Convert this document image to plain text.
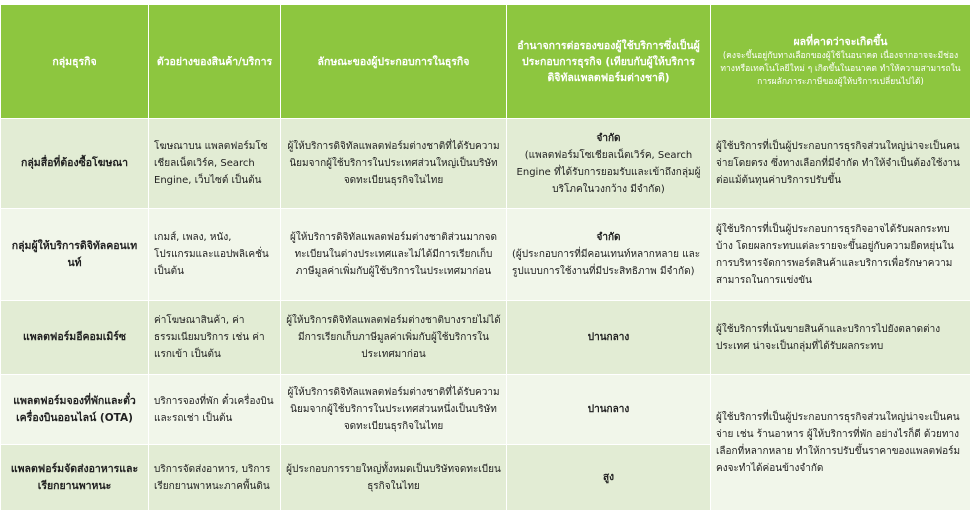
กลุ่มธุรกิจ	ตัวอย่างของสินค้า/บริการ	ลักษณะของผู้ประกอบการในธุรกิจ	อำนาจการต่อรองของผู้ใช้บริการซึ่งเป็นผู้ประกอบการธุรกิจ (เทียบกับผู้ให้บริการดิจิทัลแพลตฟอร์มต่างชาติ)	ผลที่คาดว่าจะเกิดขึ้น
(คงจะขึ้นอยู่กับทางเลือกของผู้ใช้ในอนาคต เนื่องจากอาจจะมีช่องทางหรือเทคโนโลยีใหม่ ๆ เกิดขึ้นในอนาคต ทำให้ความสามารถในการผลักภาระภาษีของผู้ให้บริการเปลี่ยนไปได้)

กลุ่มสื่อที่ต้องซื้อโฆษณา	โฆษณาบน แพลตฟอร์มโซเชียลเน็ตเวิร์ค, Search Engine, เว็บไซต์ เป็นต้น	ผู้ให้บริการดิจิทัลแพลตฟอร์มต่างชาติที่ได้รับความนิยมจากผู้ใช้บริการในประเทศส่วนใหญ่เป็นบริษัทจดทะเบียนธุรกิจในไทย	จำกัด
(แพลตฟอร์มโซเชียลเน็ตเวิร์ค, Search Engine ที่ได้รับการยอมรับและเข้าถึงกลุ่มผู้บริโภคในวงกว้าง มีจำกัด)	ผู้ใช้บริการที่เป็นผู้ประกอบการธุรกิจส่วนใหญ่น่าจะเป็นคนจ่ายโดยตรง ซึ่งทางเลือกที่มีจำกัด ทำให้จำเป็นต้องใช้งานต่อแม้ต้นทุนค่าบริการปรับขึ้น
กลุ่มผู้ให้บริการดิจิทัลคอนเทนท์	เกมส์, เพลง, หนัง, โปรแกรมและแอปพลิเคชั่น เป็นต้น	ผู้ให้บริการดิจิทัลแพลตฟอร์มต่างชาติส่วนมากจดทะเบียนในต่างประเทศและไม่ได้มีการเรียกเก็บภาษีมูลค่าเพิ่มกับผู้ใช้บริการในประเทศมาก่อน	จำกัด
(ผู้ประกอบการที่มีคอนเทนท์หลากหลาย และรูปแบบการใช้งานที่มีประสิทธิภาพ มีจำกัด)	ผู้ใช้บริการที่เป็นผู้ประกอบการธุรกิจอาจได้รับผลกระทบบ้าง โดยผลกระทบแต่ละรายจะขึ้นอยู่กับความยืดหยุ่นในการบริหารจัดการพอร์ตสินค้าและบริการเพื่อรักษาความสามารถในการแข่งขัน
แพลตฟอร์มอีคอมเมิร์ซ	ค่าโฆษณาสินค้า, ค่าธรรมเนียมบริการ เช่น ค่าแรกเข้า เป็นต้น	ผู้ให้บริการดิจิทัลแพลตฟอร์มต่างชาติบางรายไม่ได้มีการเรียกเก็บภาษีมูลค่าเพิ่มกับผู้ใช้บริการในประเทศมาก่อน	ปานกลาง	ผู้ใช้บริการที่เน้นขายสินค้าและบริการไปยังตลาดต่างประเทศ น่าจะเป็นกลุ่มที่ได้รับผลกระทบ
แพลตฟอร์มจองที่พักและตั๋วเครื่องบินออนไลน์ (OTA)	บริการจองที่พัก ตั๋วเครื่องบิน และรถเช่า เป็นต้น	ผู้ให้บริการดิจิทัลแพลตฟอร์มต่างชาติที่ได้รับความนิยมจากผู้ใช้บริการในประเทศส่วนหนึ่งเป็นบริษัทจดทะเบียนธุรกิจในไทย	ปานกลาง	ผู้ใช้บริการที่เป็นผู้ประกอบการธุรกิจส่วนใหญ่น่าจะเป็นคนจ่าย เช่น ร้านอาหาร ผู้ให้บริการที่พัก อย่างไรก็ดี ด้วยทางเลือกที่หลากหลาย ทำให้การปรับขึ้นราคาของแพลตฟอร์ม คงจะทำได้ค่อนข้างจำกัด
แพลตฟอร์มจัดส่งอาหารและเรียกยานพาหนะ	บริการจัดส่งอาหาร, บริการเรียกยานพาหนะภาคพื้นดิน	ผู้ประกอบการรายใหญ่ทั้งหมดเป็นบริษัทจดทะเบียนธุรกิจในไทย	สูง	
